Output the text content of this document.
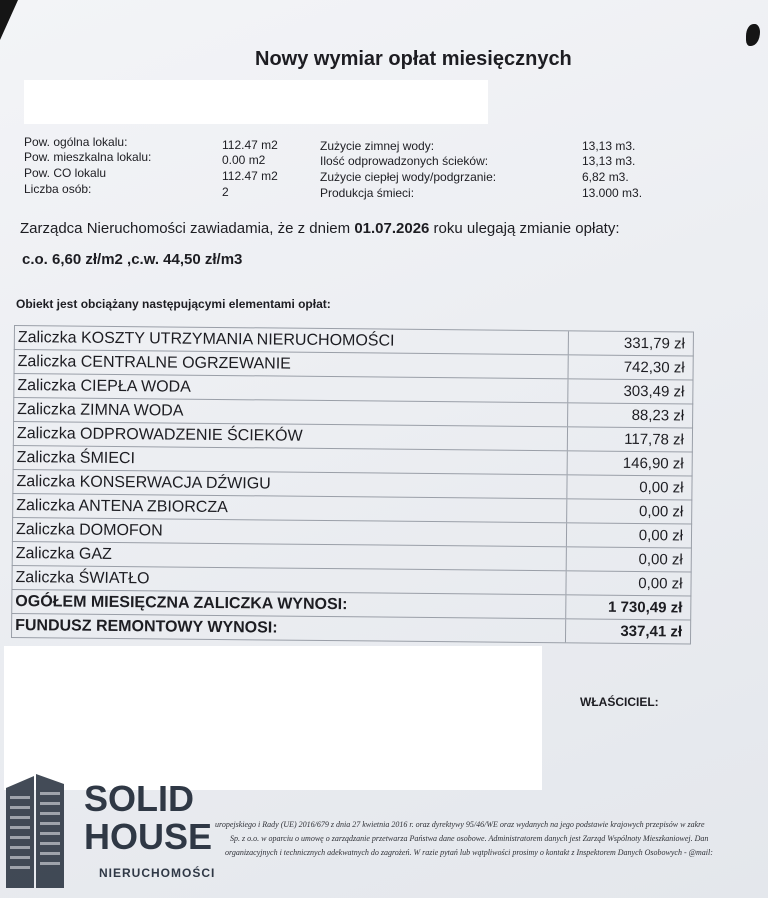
Nowy wymiar opłat miesięcznych
Pow. ogólna lokalu:	112.47 m2
Pow. mieszkalna lokalu:	0.00 m2
Pow. CO lokalu	112.47 m2
Liczba osób:	2
Zużycie zimnej wody:	13,13 m3.
Ilość odprowadzonych ścieków:	13,13 m3.
Zużycie ciepłej wody/podgrzanie:	6,82 m3.
Produkcja śmieci:	13.000 m3.
Zarządca Nieruchomości zawiadamia, że z dniem 01.07.2026 roku ulegają zmianie opłaty:
c.o. 6,60 zł/m2 ,c.w. 44,50 zł/m3
Obiekt jest obciążany następującymi elementami opłat:
Zaliczka KOSZTY UTRZYMANIA NIERUCHOMOŚCI	331,79 zł
Zaliczka CENTRALNE OGRZEWANIE	742,30 zł
Zaliczka CIEPŁA WODA	303,49 zł
Zaliczka ZIMNA WODA	88,23 zł
Zaliczka ODPROWADZENIE ŚCIEKÓW	117,78 zł
Zaliczka ŚMIECI	146,90 zł
Zaliczka KONSERWACJA DŹWIGU	0,00 zł
Zaliczka ANTENA ZBIORCZA	0,00 zł
Zaliczka DOMOFON	0,00 zł
Zaliczka GAZ	0,00 zł
Zaliczka ŚWIATŁO	0,00 zł
OGÓŁEM MIESIĘCZNA ZALICZKA WYNOSI:	1 730,49 zł
FUNDUSZ REMONTOWY WYNOSI:	337,41 zł
WŁAŚCICIEL:
uropejskiego i Rady (UE) 2016/679 z dnia 27 kwietnia 2016 r. oraz dyrektywy 95/46/WE oraz wydanych na jego podstawie krajowych przepisów w zakre
Sp. z o.o. w oparciu o umowę o zarządzanie przetwarza Państwa dane osobowe. Administratorem danych jest Zarząd Wspólnoty Mieszkaniowej. Dan
organizacyjnych i technicznych adekwatnych do zagrożeń. W razie pytań lub wątpliwości prosimy o kontakt z Inspektorem Danych Osobowych - @mail:
SOLID
HOUSE
NIERUCHOMOŚCI
